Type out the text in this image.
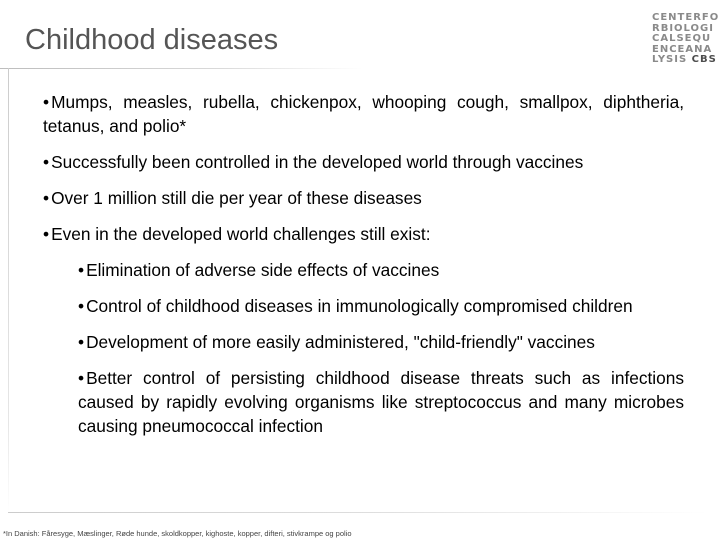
Childhood diseases
CENTERFO
RBIOLOGI
CALSEQU
ENCEANA
LYSIS CBS

• Mumps, measles, rubella, chickenpox, whooping cough, smallpox, diphtheria, tetanus, and polio*

• Successfully been controlled in the developed world through vaccines

• Over 1 million still die per year of these diseases

• Even in the developed world challenges still exist:

• Elimination of adverse side effects of vaccines

• Control of childhood diseases in immunologically compromised children

• Development of more easily administered, "child-friendly" vaccines

• Better control of persisting childhood disease threats such as infections caused by rapidly evolving organisms like streptococcus and many microbes causing pneumococcal infection

*In Danish: Fåresyge, Mæslinger, Røde hunde, skoldkopper, kighoste, kopper, difteri, stivkrampe og polio
